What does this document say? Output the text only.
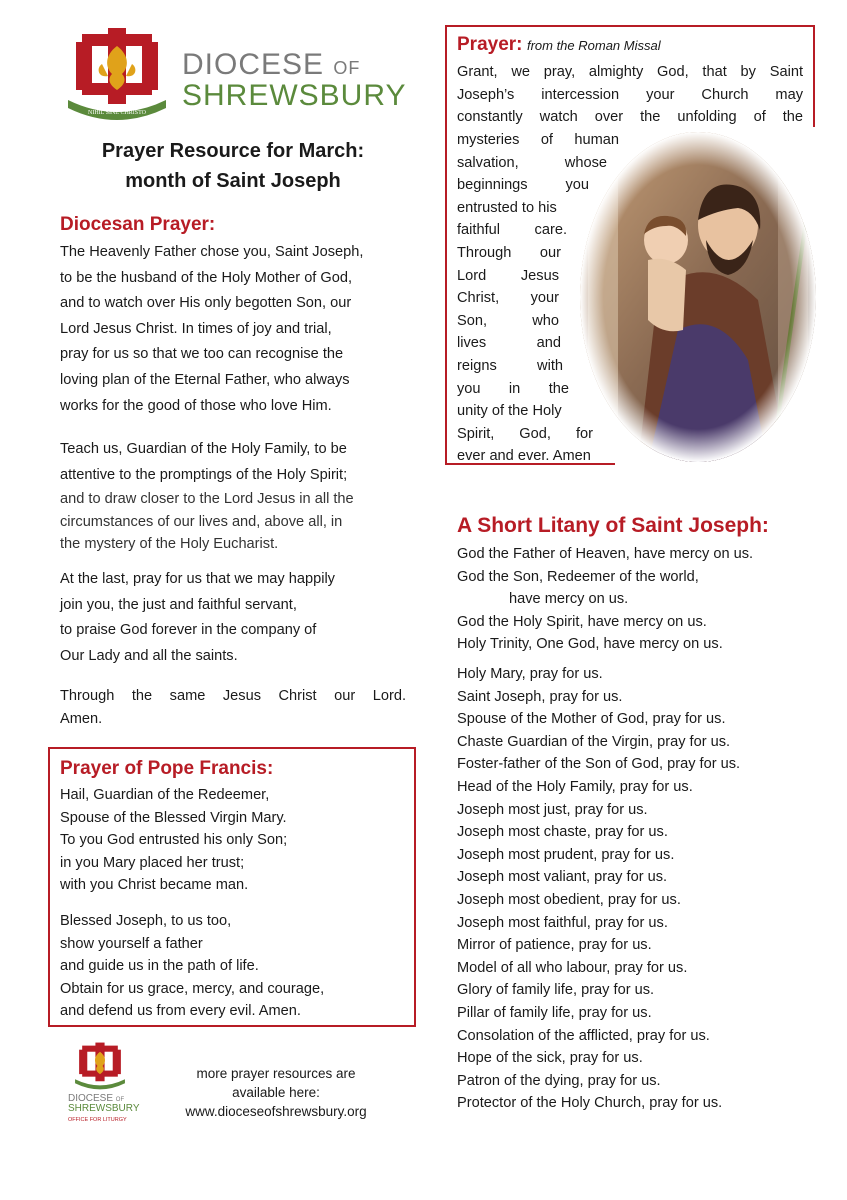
NIHIL SINE CHRISTO
DIOCESE OF
SHREWSBURY
Prayer Resource for March:
month of Saint Joseph
Diocesan Prayer:
The Heavenly Father chose you, Saint Joseph,
to be the husband of the Holy Mother of God,
and to watch over His only begotten Son, our
Lord Jesus Christ. In times of joy and trial,
pray for us so that we too can recognise the
loving plan of the Eternal Father, who always
works for the good of those who love Him.
Teach us, Guardian of the Holy Family, to be
attentive to the promptings of the Holy Spirit;
and to draw closer to the Lord Jesus in all the
circumstances of our lives and, above all, in
the mystery of the Holy Eucharist.
At the last, pray for us that we may happily
join you, the just and faithful servant,
to praise God forever in the company of
Our Lady and all the saints.
Through the same Jesus Christ our Lord.
Amen.
Prayer of Pope Francis:
Hail, Guardian of the Redeemer,
Spouse of the Blessed Virgin Mary.
To you God entrusted his only Son;
in you Mary placed her trust;
with you Christ became man.
Blessed Joseph, to us too,
show yourself a father
and guide us in the path of life.
Obtain for us grace, mercy, and courage,
and defend us from every evil. Amen.
DIOCESE OF
SHREWSBURY
OFFICE FOR LITURGY
more prayer resources are
available here:
www.dioceseofshrewsbury.org
Prayer: from the Roman Missal
Grant, we pray, almighty God, that by Saint
Joseph’s intercession your Church may
constantly watch over the unfolding of the
mysteries of human
salvation, whose
beginnings you
entrusted to his
faithful care.
Through our
Lord Jesus
Christ, your
Son, who
lives and
reigns with
you in the
unity of the Holy
Spirit, God, for
ever and ever. Amen
A Short Litany of Saint Joseph:
God the Father of Heaven, have mercy on us.
God the Son, Redeemer of the world,
have mercy on us.
God the Holy Spirit, have mercy on us.
Holy Trinity, One God, have mercy on us.
Holy Mary, pray for us.
Saint Joseph, pray for us.
Spouse of the Mother of God, pray for us.
Chaste Guardian of the Virgin, pray for us.
Foster-father of the Son of God, pray for us.
Head of the Holy Family, pray for us.
Joseph most just, pray for us.
Joseph most chaste, pray for us.
Joseph most prudent, pray for us.
Joseph most valiant, pray for us.
Joseph most obedient, pray for us.
Joseph most faithful, pray for us.
Mirror of patience, pray for us.
Model of all who labour, pray for us.
Glory of family life, pray for us.
Pillar of family life, pray for us.
Consolation of the afflicted, pray for us.
Hope of the sick, pray for us.
Patron of the dying, pray for us.
Protector of the Holy Church, pray for us.
